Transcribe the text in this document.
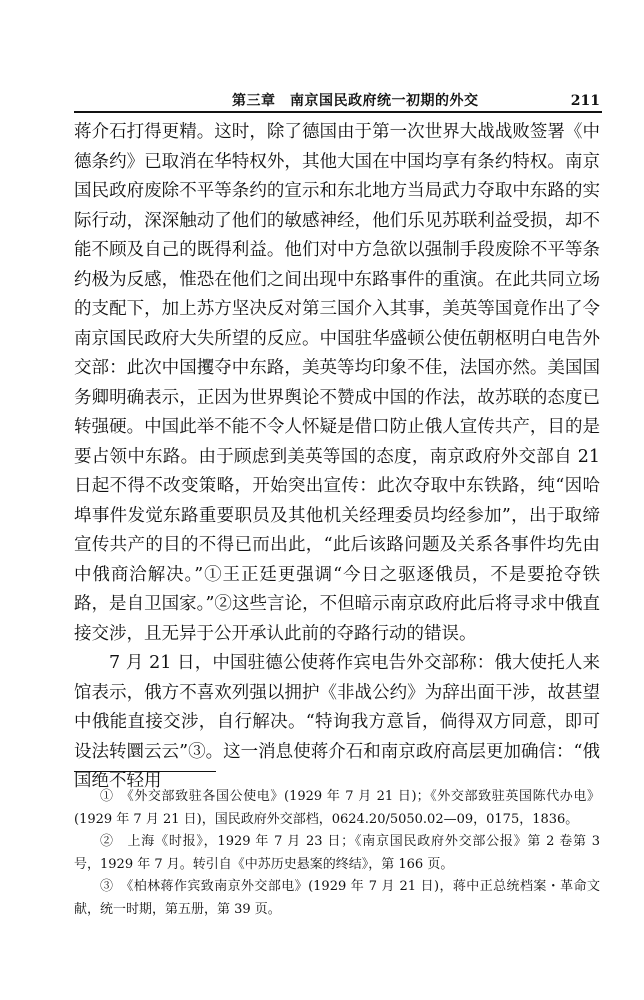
第三章　南京国民政府统一初期的外交	211

蒋介石打得更精。这时，除了德国由于第一次世界大战战败签署《中德条约》已取消在华特权外，其他大国在中国均享有条约特权。南京国民政府废除不平等条约的宣示和东北地方当局武力夺取中东路的实际行动，深深触动了他们的敏感神经，他们乐见苏联利益受损，却不能不顾及自己的既得利益。他们对中方急欲以强制手段废除不平等条约极为反感，惟恐在他们之间出现中东路事件的重演。在此共同立场的支配下，加上苏方坚决反对第三国介入其事，美英等国竟作出了令南京国民政府大失所望的反应。中国驻华盛顿公使伍朝枢明白电告外交部：此次中国攫夺中东路，美英等均印象不佳，法国亦然。美国国务卿明确表示，正因为世界舆论不赞成中国的作法，故苏联的态度已转强硬。中国此举不能不令人怀疑是借口防止俄人宣传共产，目的是要占领中东路。由于顾虑到美英等国的态度，南京政府外交部自 21 日起不得不改变策略，开始突出宣传：此次夺取中东铁路，纯“因哈埠事件发觉东路重要职员及其他机关经理委员均经参加”，出于取缔宣传共产的目的不得已而出此，“此后该路问题及关系各事件均先由中俄商洽解决。”①王正廷更强调“今日之驱逐俄员，不是要抢夺铁路，是自卫国家。”②这些言论，不但暗示南京政府此后将寻求中俄直接交涉，且无异于公开承认此前的夺路行动的错误。

7 月 21 日，中国驻德公使蒋作宾电告外交部称：俄大使托人来馆表示，俄方不喜欢列强以拥护《非战公约》为辞出面干涉，故甚望中俄能直接交涉，自行解决。“特询我方意旨，倘得双方同意，即可设法转圜云云”③。这一消息使蒋介石和南京政府高层更加确信：“俄国绝不轻用

①　《外交部致驻各国公使电》(1929 年 7 月 21 日)；《外交部致驻英国陈代办电》(1929 年 7 月 21 日)，国民政府外交部档，0624.20/5050.02—09，0175，1836。

②　上海《时报》，1929 年 7 月 23 日；《南京国民政府外交部公报》第 2 卷第 3 号，1929 年 7 月。转引自《中苏历史悬案的终结》，第 166 页。

③　《柏林蒋作宾致南京外交部电》(1929 年 7 月 21 日)，蒋中正总统档案・革命文献，统一时期，第五册，第 39 页。
